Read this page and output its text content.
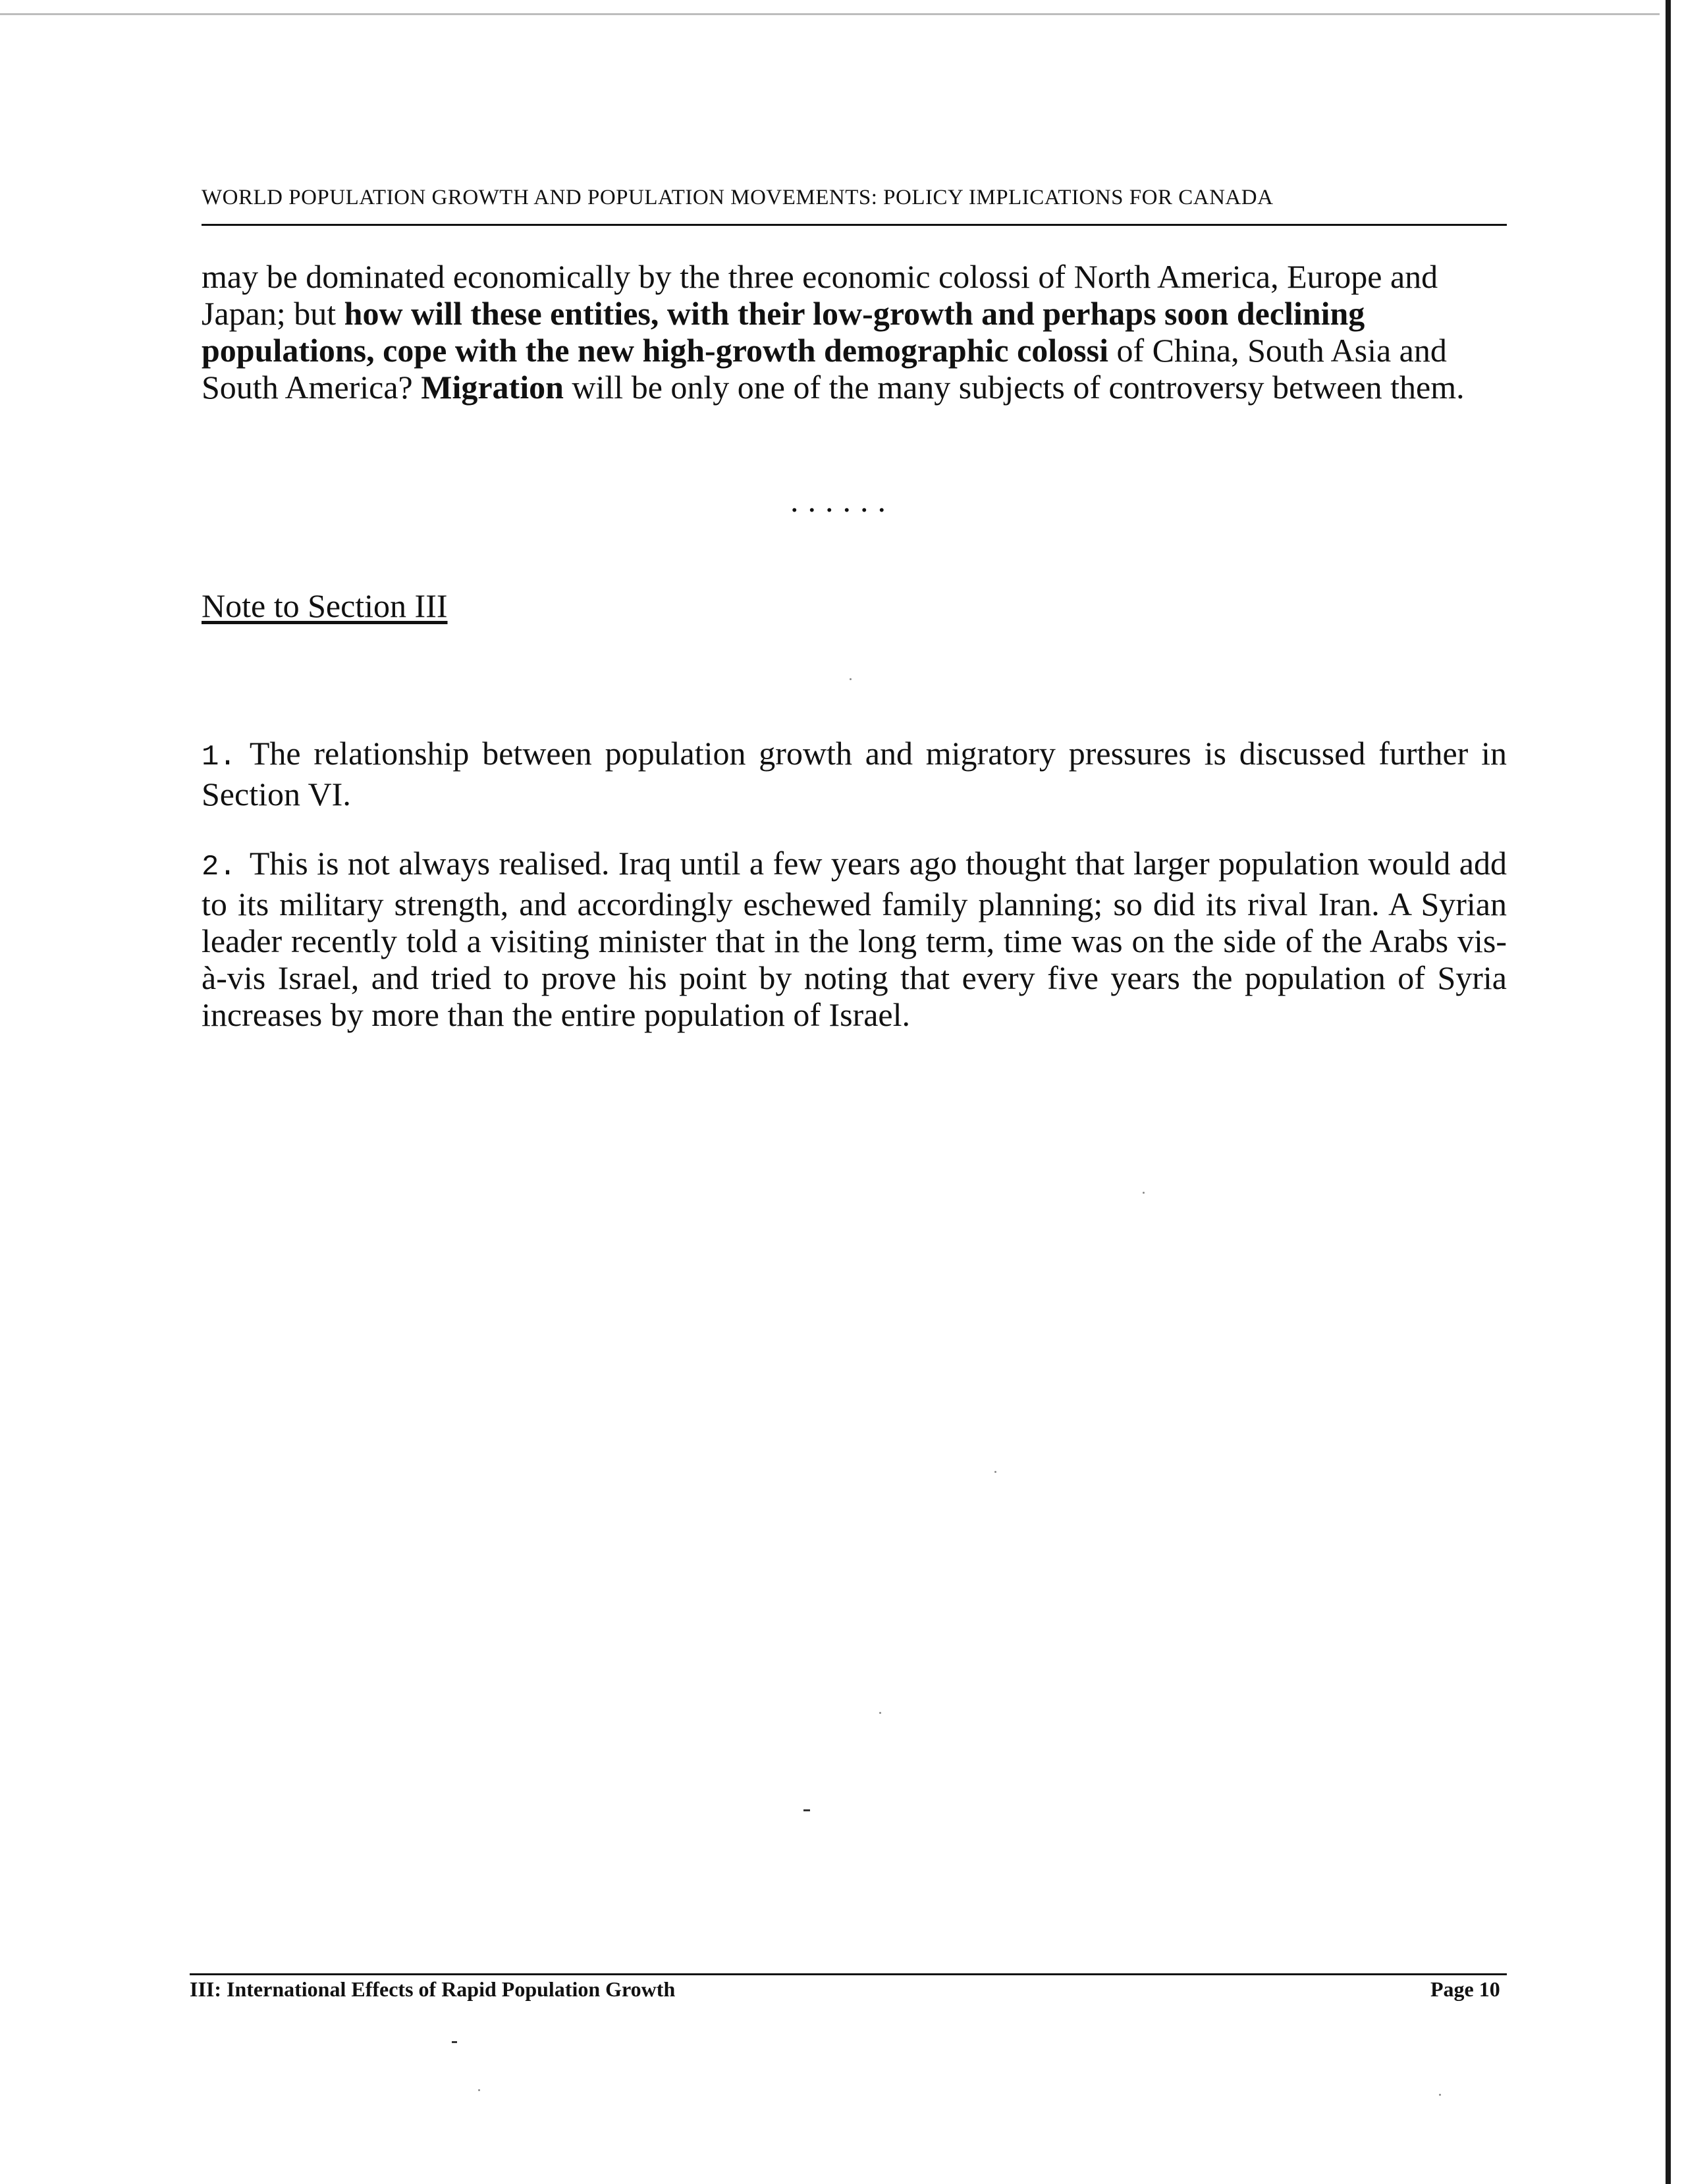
WORLD POPULATION GROWTH AND POPULATION MOVEMENTS: POLICY IMPLICATIONS FOR CANADA

may be dominated economically by the three economic colossi of North America, Europe and Japan; but how will these entities, with their low-growth and perhaps soon declining populations, cope with the new high-growth demographic colossi of China, South Asia and South America? Migration will be only one of the many subjects of controversy between them.

......
Note to Section III

1. The relationship between population growth and migratory pressures is discussed further in Section VI.

2. This is not always realised. Iraq until a few years ago thought that larger population would add to its military strength, and accordingly eschewed family planning; so did its rival Iran. A Syrian leader recently told a visiting minister that in the long term, time was on the side of the Arabs vis-à-vis Israel, and tried to prove his point by noting that every five years the population of Syria increases by more than the entire population of Israel.

III: International Effects of Rapid Population Growth	Page 10
